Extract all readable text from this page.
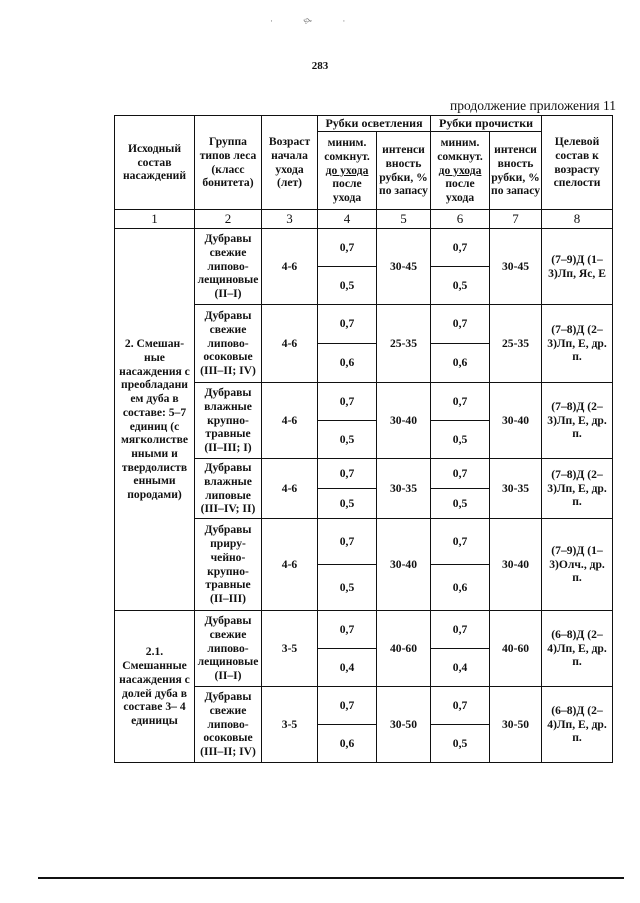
· 🙛 ·
283
продолжение приложения 11
Исходный состав насаждений	Группа типов леса (класс бонитета)	Возраст начала ухода (лет)	Рубки осветления		Рубки прочистки		Целевой состав к возрасту спелости
			миним. сомкнут.
до ухода
после ухода	интенси вность рубки, % по запасу	миним. сомкнут.
до ухода
после ухода	интенси вность рубки, % по запасу	
1	2	3	4	5	6	7	8
2. Смешан- ные насаждения с преобладани ем дуба в составе: 5–7 единиц (с мягколиствe нными и твердолиств енными породами)	Дубравы свежие липово- лещиновые (II–I)	4-6	0,7	30-45	0,7	30-45	(7–9)Д (1–3)Лп, Яс, Е
			0,5		0,5		
	Дубравы свежие липово- осоковые (III–II; IV)	4-6	0,7	25-35	0,7	25-35	(7–8)Д (2–3)Лп, Е, др. п.
			0,6		0,6		
	Дубравы влажные крупно- травные (II–III; I)	4-6	0,7	30-40	0,7	30-40	(7–8)Д (2–3)Лп, Е, др. п.
			0,5		0,5		
	Дубравы влажные липовые (III–IV; II)	4-6	0,7	30-35	0,7	30-35	(7–8)Д (2–3)Лп, Е, др. п.
			0,5		0,5		
	Дубравы приру- чейно- крупно- травные (II–III)	4-6	0,7	30-40	0,7	30-40	(7–9)Д (1–3)Олч., др. п.
			0,5		0,6		
2.1. Смешанные насаждения с долей дуба в составе 3– 4 единицы	Дубравы свежие липово- лещиновые (II–I)	3-5	0,7	40-60	0,7	40-60	(6–8)Д (2–4)Лп, Е, др. п.
			0,4		0,4		
	Дубравы свежие липово- осоковые (III–II; IV)	3-5	0,7	30-50	0,7	30-50	(6–8)Д (2–4)Лп, Е, др. п.
			0,6		0,5		
